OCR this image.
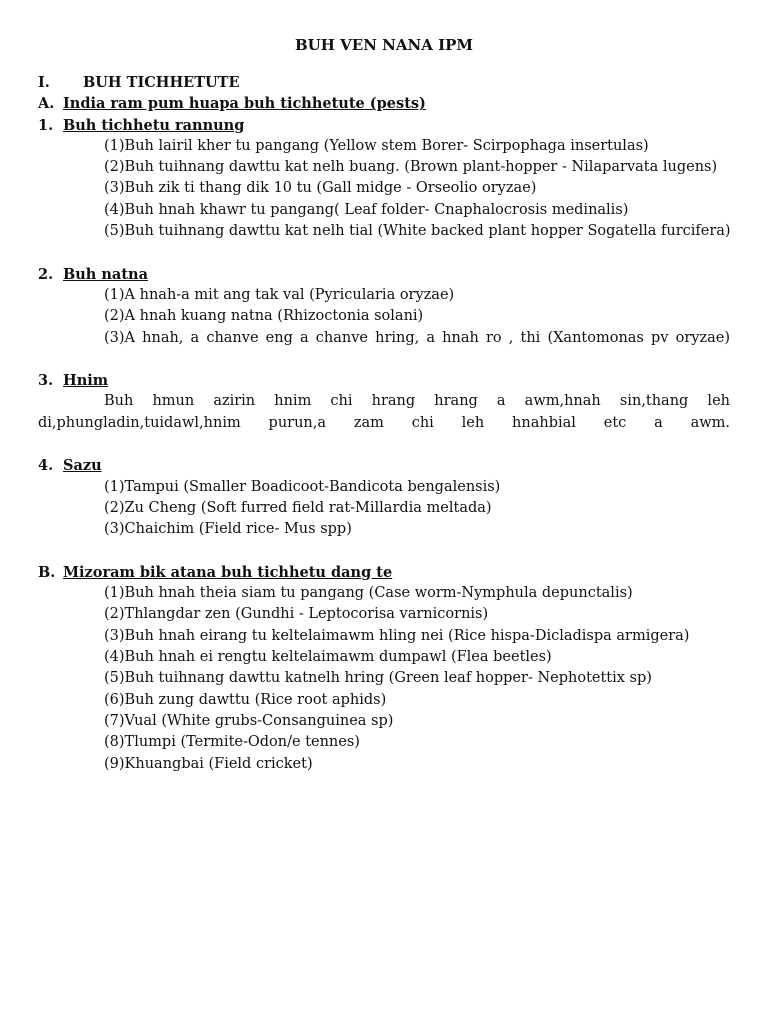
BUH VEN NANA IPM
I. BUH TICHHETUTE
A. India ram pum huapa buh tichhetute (pests)
1. Buh tichhetu rannung
(1)Buh lairil kher tu pangang (Yellow stem Borer- Scirpophaga insertulas)
(2)Buh tuihnang dawttu kat nelh buang. (Brown plant-hopper - Nilaparvata lugens)
(3)Buh zik ti thang dik 10 tu (Gall midge - Orseolio oryzae)
(4)Buh hnah khawr tu pangang( Leaf folder- Cnaphalocrosis medinalis)
(5)Buh tuihnang dawttu kat nelh tial (White backed plant hopper Sogatella furcifera)
2. Buh natna
(1)A hnah-a mit ang tak val (Pyricularia oryzae)
(2)A hnah kuang natna (Rhizoctonia solani)
(3)A hnah, a chanve eng a chanve hring, a hnah ro , thi (Xantomonas pv oryzae)
3. Hnim
Buh hmun azirin hnim chi hrang hrang a awm,hnah sin,thang leh
di,phungladin,tuidawl,hnim purun,a zam chi leh hnahbial etc a awm.
4. Sazu
(1)Tampui (Smaller Boadicoot-Bandicota bengalensis)
(2)Zu Cheng (Soft furred field rat-Millardia meltada)
(3)Chaichim (Field rice- Mus spp)
B. Mizoram bik atana buh tichhetu dang te
(1)Buh hnah theia siam tu pangang (Case worm-Nymphula depunctalis)
(2)Thlangdar zen (Gundhi - Leptocorisa varnicornis)
(3)Buh hnah eirang tu keltelaimawm hling nei (Rice hispa-Dicladispa armigera)
(4)Buh hnah ei rengtu keltelaimawm dumpawl (Flea beetles)
(5)Buh tuihnang dawttu katnelh hring (Green leaf hopper- Nephotettix sp)
(6)Buh zung dawttu (Rice root aphids)
(7)Vual (White grubs-Consanguinea sp)
(8)Tlumpi (Termite-Odon/e tennes)
(9)Khuangbai (Field cricket)
